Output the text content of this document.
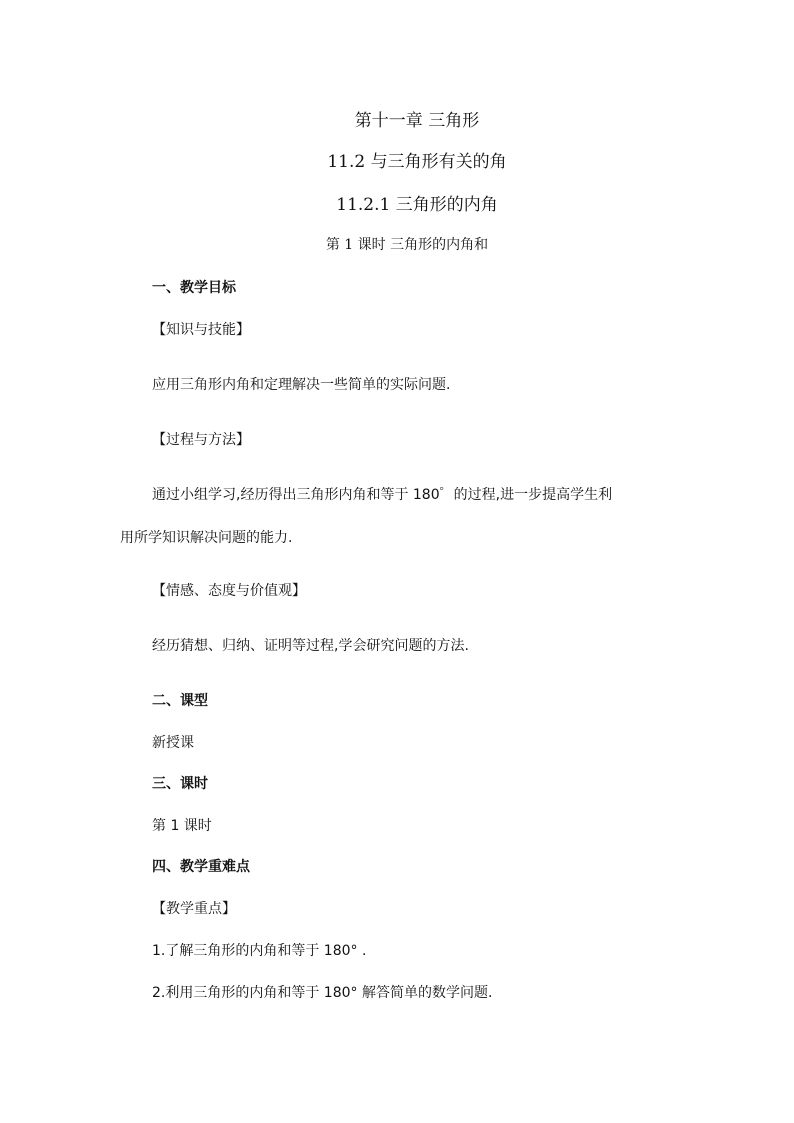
第十一章 三角形
11.2 与三角形有关的角
11.2.1 三角形的内角
第 1 课时 三角形的内角和
一、教学目标
【知识与技能】
应用三角形内角和定理解决一些简单的实际问题.
【过程与方法】
通过小组学习,经历得出三角形内角和等于 180゜的过程,进一步提高学生利
用所学知识解决问题的能力.
【情感、态度与价值观】
经历猜想、归纳、证明等过程,学会研究问题的方法.
二、课型
新授课
三、课时
第 1 课时
四、教学重难点
【教学重点】
1.了解三角形的内角和等于 180° .
2.利用三角形的内角和等于 180° 解答简单的数学问题.
